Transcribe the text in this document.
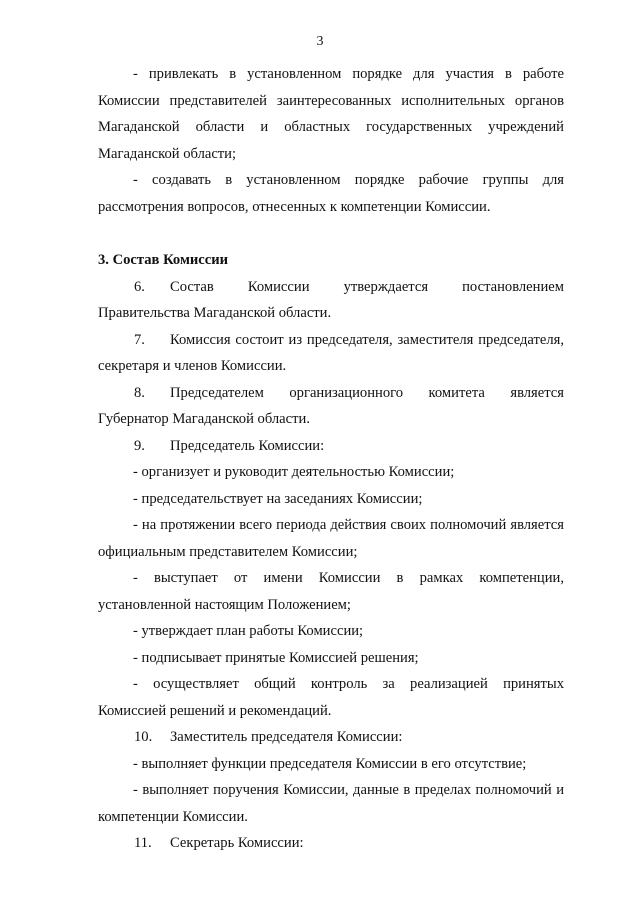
3

- привлекать в установленном порядке для участия в работе Комиссии представителей заинтересованных исполнительных органов Магаданской области и областных государственных учреждений Магаданской области;

- создавать в установленном порядке рабочие группы для рассмотрения вопросов, отнесенных к компетенции Комиссии.

3. Состав Комиссии

6. Состав Комиссии утверждается постановлением Правительства Магаданской области.

7. Комиссия состоит из председателя, заместителя председателя, секретаря и членов Комиссии.

8. Председателем организационного комитета является Губернатор Магаданской области.

9. Председатель Комиссии:

- организует и руководит деятельностью Комиссии;

- председательствует на заседаниях Комиссии;

- на протяжении всего периода действия своих полномочий является официальным представителем Комиссии;

- выступает от имени Комиссии в рамках компетенции, установленной настоящим Положением;

- утверждает план работы Комиссии;

- подписывает принятые Комиссией решения;

- осуществляет общий контроль за реализацией принятых Комиссией решений и рекомендаций.

10. Заместитель председателя Комиссии:

- выполняет функции председателя Комиссии в его отсутствие;

- выполняет поручения Комиссии, данные в пределах полномочий и компетенции Комиссии.

11. Секретарь Комиссии:
